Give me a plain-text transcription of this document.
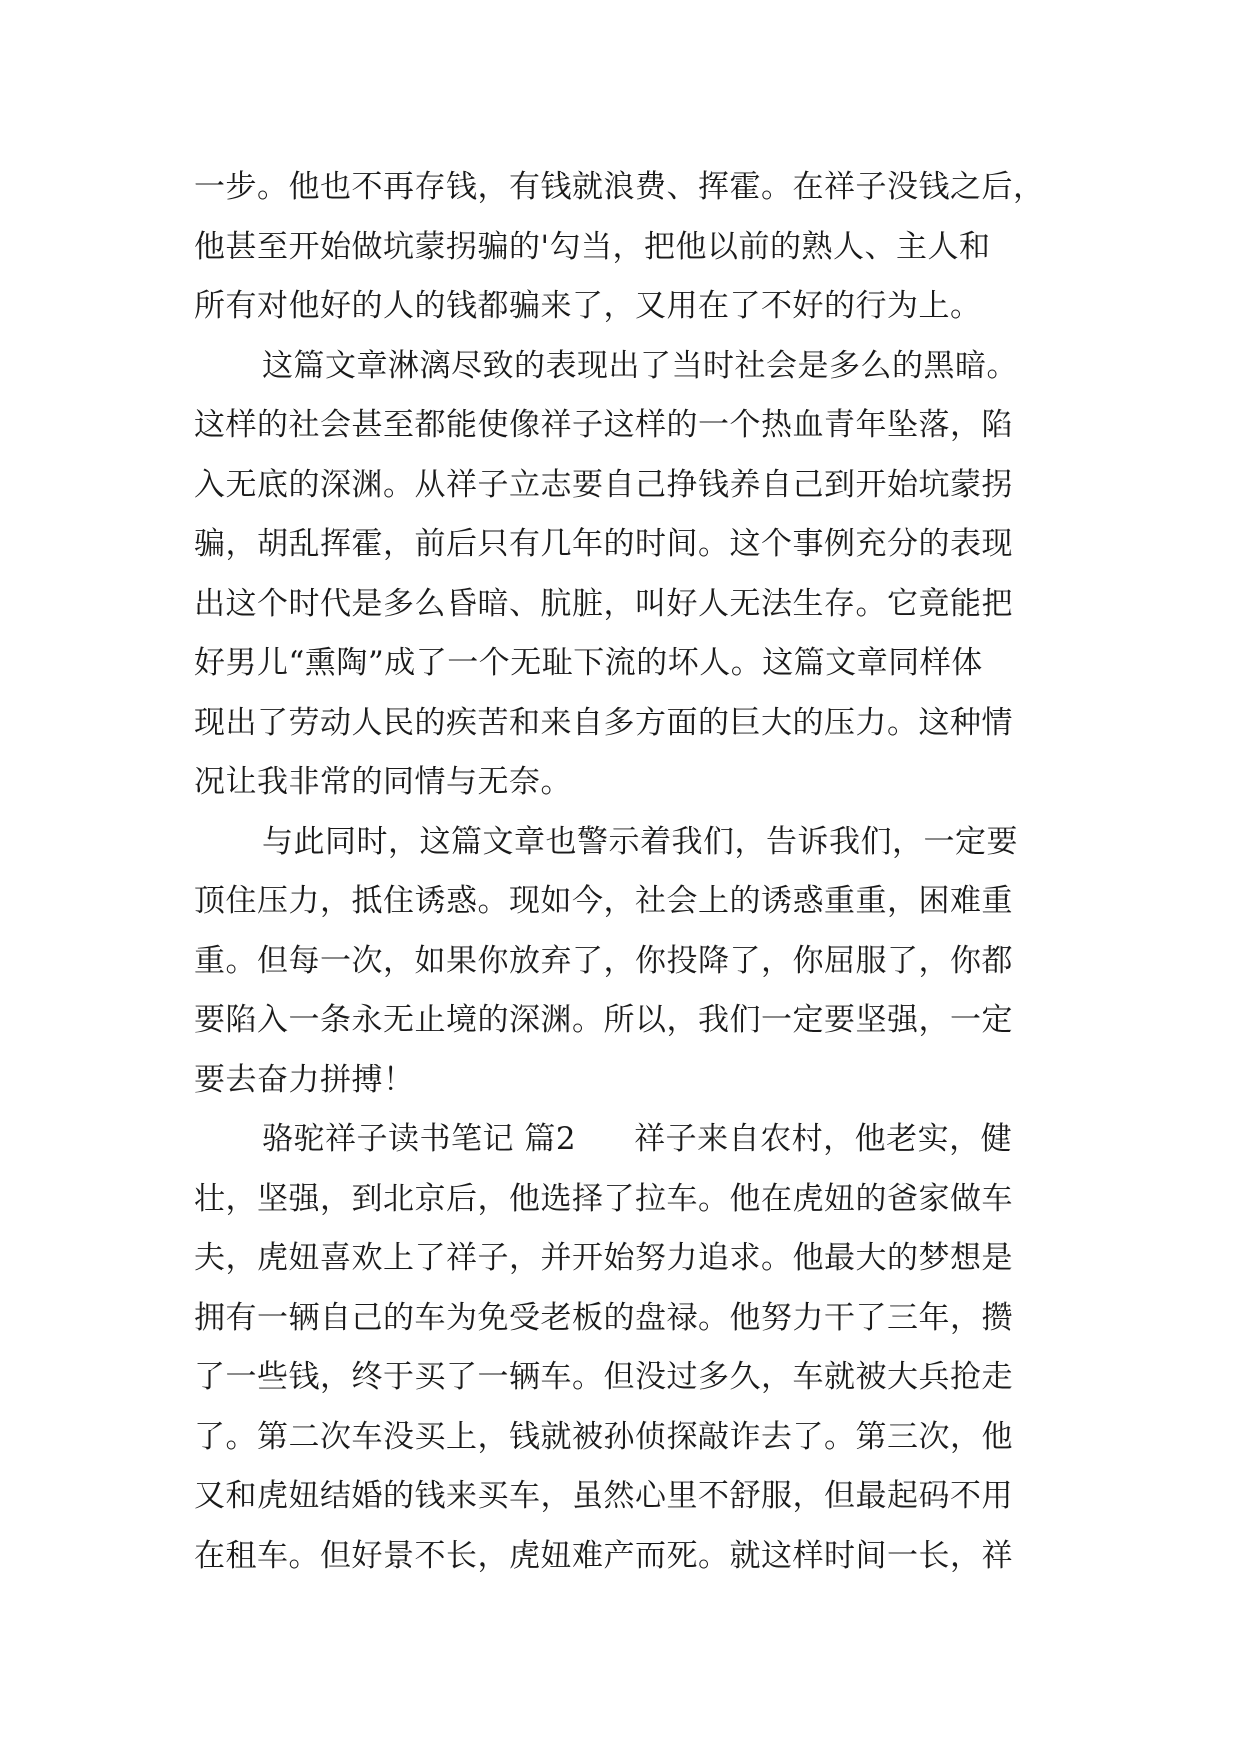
一步。他也不再存钱，有钱就浪费、挥霍。在祥子没钱之后，
他甚至开始做坑蒙拐骗的'勾当，把他以前的熟人、主人和
所有对他好的人的钱都骗来了，又用在了不好的行为上。
这篇文章淋漓尽致的表现出了当时社会是多么的黑暗。
这样的社会甚至都能使像祥子这样的一个热血青年坠落，陷
入无底的深渊。从祥子立志要自己挣钱养自己到开始坑蒙拐
骗，胡乱挥霍，前后只有几年的时间。这个事例充分的表现
出这个时代是多么昏暗、肮脏，叫好人无法生存。它竟能把
好男儿“熏陶”成了一个无耻下流的坏人。这篇文章同样体
现出了劳动人民的疾苦和来自多方面的巨大的压力。这种情
况让我非常的同情与无奈。
与此同时，这篇文章也警示着我们，告诉我们，一定要
顶住压力，抵住诱惑。现如今，社会上的诱惑重重，困难重
重。但每一次，如果你放弃了，你投降了，你屈服了，你都
要陷入一条永无止境的深渊。所以，我们一定要坚强，一定
要去奋力拼搏！
骆驼祥子读书笔记 篇2 祥子来自农村，他老实，健
壮，坚强，到北京后，他选择了拉车。他在虎妞的爸家做车
夫，虎妞喜欢上了祥子，并开始努力追求。他最大的梦想是
拥有一辆自己的车为免受老板的盘禄。他努力干了三年，攒
了一些钱，终于买了一辆车。但没过多久，车就被大兵抢走
了。第二次车没买上，钱就被孙侦探敲诈去了。第三次，他
又和虎妞结婚的钱来买车，虽然心里不舒服，但最起码不用
在租车。但好景不长，虎妞难产而死。就这样时间一长，祥
